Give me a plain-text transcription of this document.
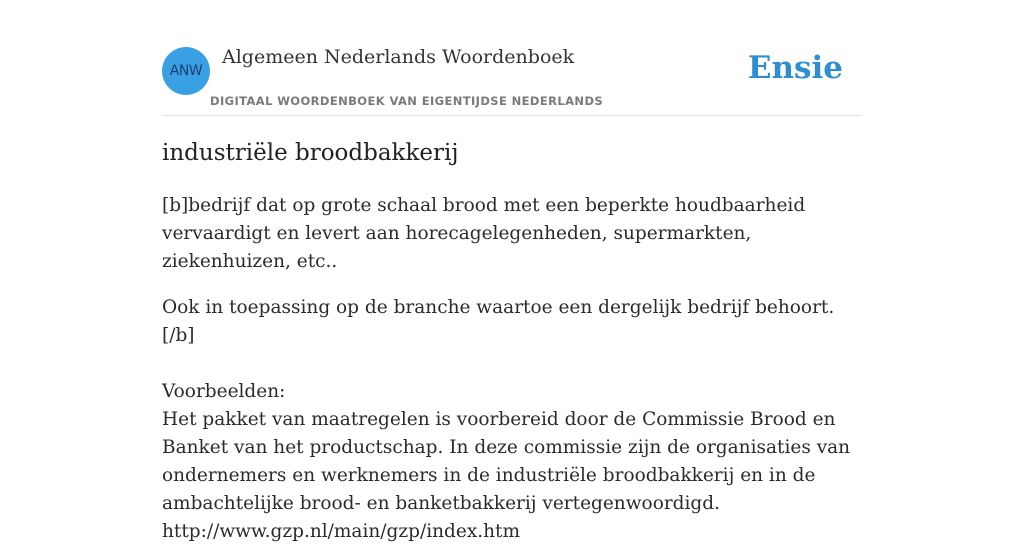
ANW
Algemeen Nederlands Woordenboek
DIGITAAL WOORDENBOEK VAN EIGENTIJDSE NEDERLANDS
Ensie
industriële broodbakkerij

[b]bedrijf dat op grote schaal brood met een beperkte houdbaarheid vervaardigt en levert aan horecagelegenheden, supermarkten, ziekenhuizen, etc..

Ook in toepassing op de branche waartoe een dergelijk bedrijf behoort.[/b]

Voorbeelden:
Het pakket van maatregelen is voorbereid door de Commissie Brood en Banket van het productschap. In deze commissie zijn de organisaties van ondernemers en werknemers in de industriële broodbakkerij en in de ambachtelijke brood- en banketbakkerij vertegenwoordigd.

http://www.gzp.nl/main/gzp/index.htm
